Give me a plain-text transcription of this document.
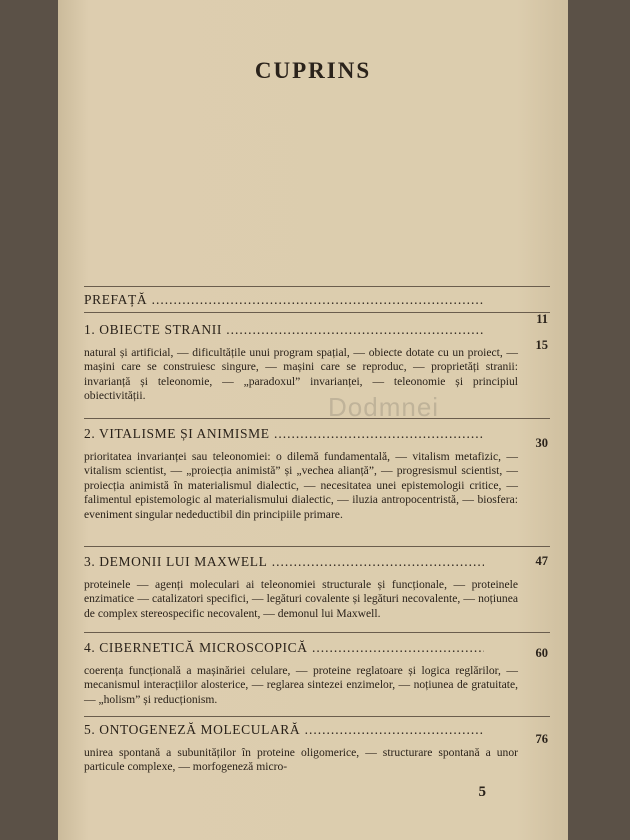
CUPRINS
Dodmnei
PREFAȚĂ .....
11
1. OBIECTE STRANII .....
15
natural și artificial, — dificultățile unui program spațial, — obiecte dotate cu un proiect, — mașini care se construiesc singure, — mașini care se reproduc, — proprietăți stranii: invarianță și teleonomie, — „paradoxul” invarianței, — teleonomie și principiul obiectivității.
2. VITALISME ȘI ANIMISME .....
30
prioritatea invarianței sau teleonomiei: o dilemă fundamentală, — vitalism metafizic, — vitalism scientist, — „proiecția animistă” și „vechea alianță”, — progresismul scientist, — proiecția animistă în materialismul dialectic, — necesitatea unei epistemologii critice, — falimentul epistemologic al materialismului dialectic, — iluzia antropocentristă, — biosfera: eveniment singular nedeductibil din principiile primare.
3. DEMONII LUI MAXWELL .....	47
proteinele — agenți moleculari ai teleonomiei structurale și funcționale, — proteinele enzimatice — catalizatori specifici, — legături covalente și legături necovalente, — noțiunea de complex stereospecific necovalent, — demonul lui Maxwell.
4. CIBERNETICĂ MICROSCOPICĂ .....	60
coerența funcțională a mașinăriei celulare, — proteine reglatoare și logica reglărilor, — mecanismul interacțiilor alosterice, — reglarea sintezei enzimelor, — noțiunea de gratuitate, — „holism” și reducționism.
5. ONTOGENEZĂ MOLECULARĂ .....
76
unirea spontană a subunităților în proteine oligomerice, — structurare spontană a unor particule complexe, — morfogeneză micro-
5
